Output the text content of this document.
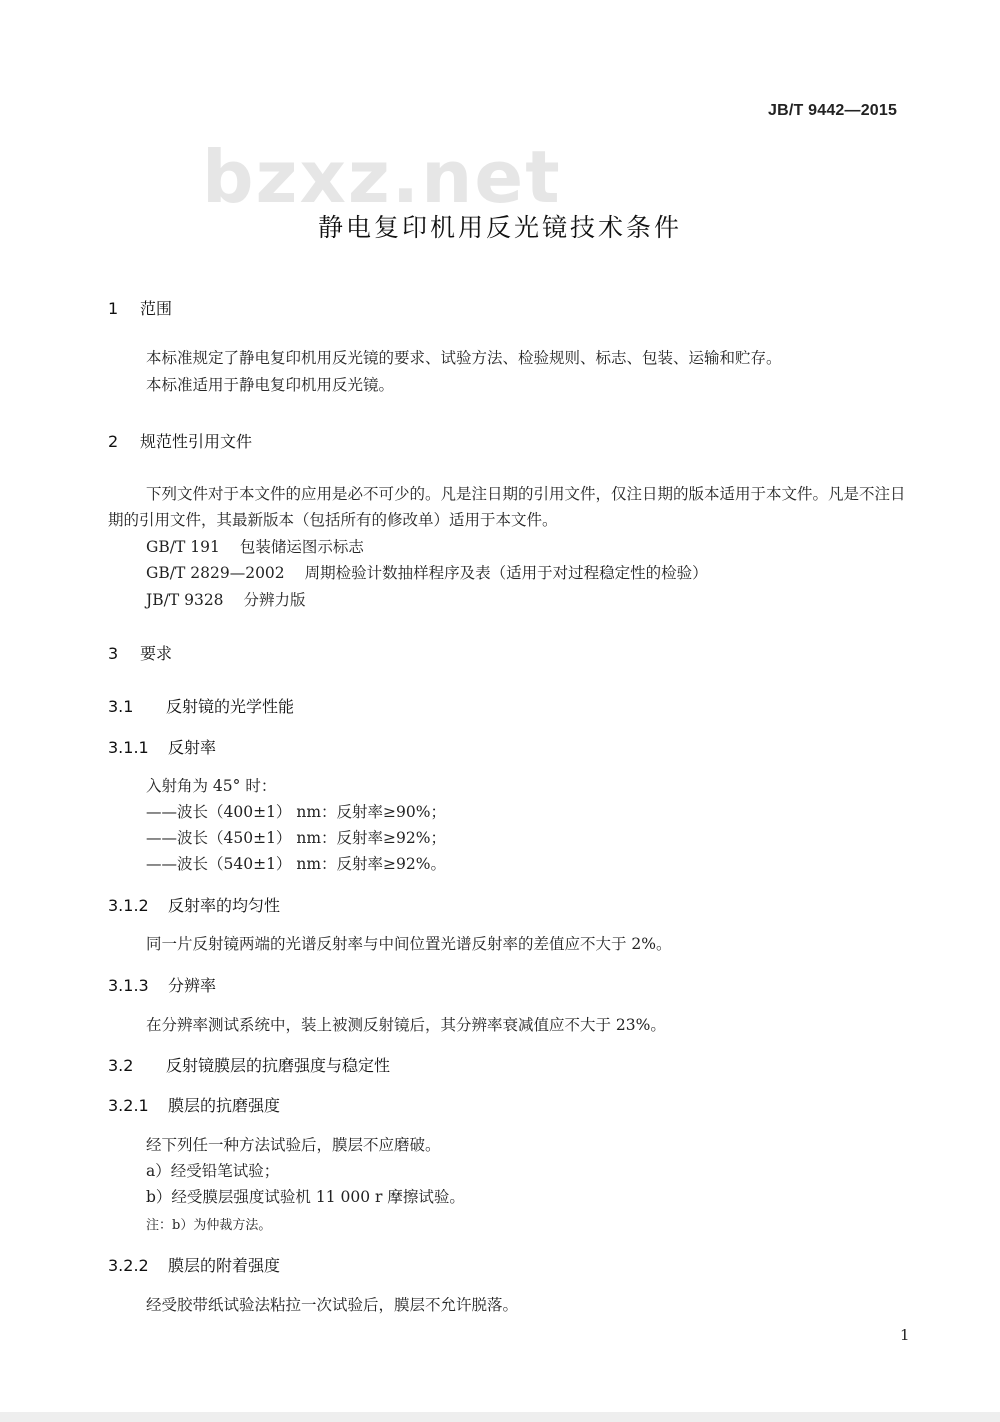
JB/T 9442—2015
bzxz.net
静电复印机用反光镜技术条件
1 范围
本标准规定了静电复印机用反光镜的要求、试验方法、检验规则、标志、包装、运输和贮存。
本标准适用于静电复印机用反光镜。
2 规范性引用文件
下列文件对于本文件的应用是必不可少的。凡是注日期的引用文件，仅注日期的版本适用于本文件。凡是不注日期的引用文件，其最新版本（包括所有的修改单）适用于本文件。
GB/T 191 包装储运图示标志
GB/T 2829—2002 周期检验计数抽样程序及表（适用于对过程稳定性的检验）
JB/T 9328 分辨力版
3 要求
3.1 反射镜的光学性能
3.1.1 反射率
入射角为 45° 时：
——波长（400±1） nm：反射率≥90%；
——波长（450±1） nm：反射率≥92%；
——波长（540±1） nm：反射率≥92%。
3.1.2 反射率的均匀性
同一片反射镜两端的光谱反射率与中间位置光谱反射率的差值应不大于 2%。
3.1.3 分辨率
在分辨率测试系统中，装上被测反射镜后，其分辨率衰减值应不大于 23%。
3.2 反射镜膜层的抗磨强度与稳定性
3.2.1 膜层的抗磨强度
经下列任一种方法试验后，膜层不应磨破。
a）经受铅笔试验；
b）经受膜层强度试验机 11 000 r 摩擦试验。
注：b）为仲裁方法。
3.2.2 膜层的附着强度
经受胶带纸试验法粘拉一次试验后，膜层不允许脱落。
1
